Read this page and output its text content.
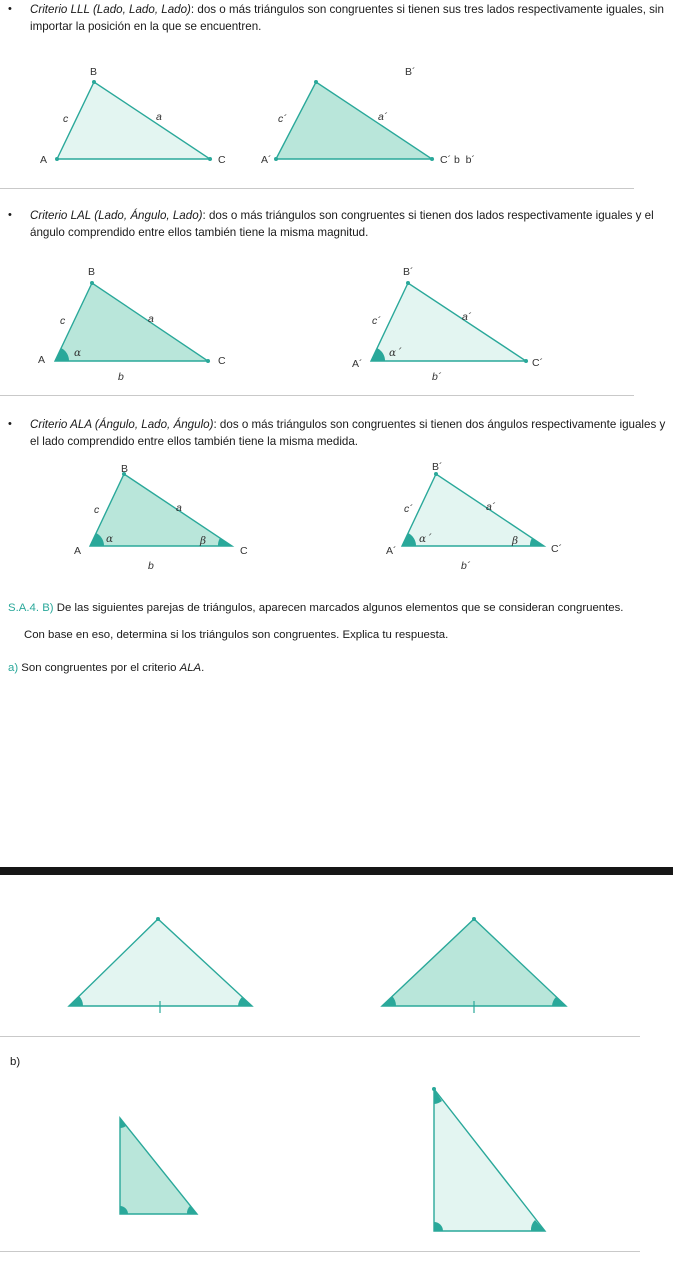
• Criterio LLL (Lado, Lado, Lado): dos o más triángulos son congruentes si tienen sus tres lados respectivamente iguales, sin importar la posición en la que se encuentren.
B
c	a
A	C
B´
c´	a´
A´	C´ b  b´
• Criterio LAL (Lado, Ángulo, Lado): dos o más triángulos son congruentes si tienen dos lados respectivamente iguales y el ángulo comprendido entre ellos también tiene la misma magnitud.
B
c	a
A
α
C
b
B´
c´	a´
A´
α´
C´
b´
• Criterio ALA (Ángulo, Lado, Ángulo): dos o más triángulos son congruentes si tienen dos ángulos respectivamente iguales y el lado comprendido entre ellos también tiene la misma medida.
B
c	a
A
α	β
C
b
B´
c´	a´
A´
α´	β
C´
b´
S.A.4. B) De las siguientes parejas de triángulos, aparecen marcados algunos elementos que se consideran congruentes.
Con base en eso, determina si los triángulos son congruentes. Explica tu respuesta.
a) Son congruentes por el criterio ALA.
b)
